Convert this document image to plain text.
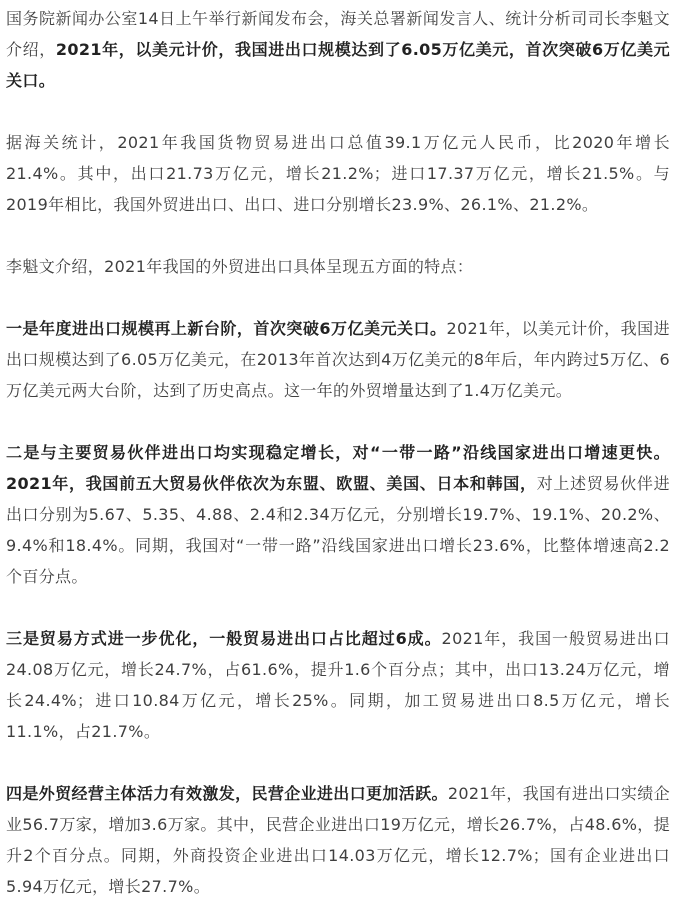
国务院新闻办公室14日上午举行新闻发布会，海关总署新闻发言人、统计分析司司长李魁文介绍，2021年，以美元计价，我国进出口规模达到了6.05万亿美元，首次突破6万亿美元关口。

据海关统计，2021年我国货物贸易进出口总值39.1万亿元人民币，比2020年增长21.4%。其中，出口21.73万亿元，增长21.2%；进口17.37万亿元，增长21.5%。与2019年相比，我国外贸进出口、出口、进口分别增长23.9%、26.1%、21.2%。

李魁文介绍，2021年我国的外贸进出口具体呈现五方面的特点：

一是年度进出口规模再上新台阶，首次突破6万亿美元关口。2021年，以美元计价，我国进出口规模达到了6.05万亿美元，在2013年首次达到4万亿美元的8年后，年内跨过5万亿、6万亿美元两大台阶，达到了历史高点。这一年的外贸增量达到了1.4万亿美元。

二是与主要贸易伙伴进出口均实现稳定增长，对“一带一路”沿线国家进出口增速更快。2021年，我国前五大贸易伙伴依次为东盟、欧盟、美国、日本和韩国，对上述贸易伙伴进出口分别为5.67、5.35、4.88、2.4和2.34万亿元，分别增长19.7%、19.1%、20.2%、9.4%和18.4%。同期，我国对“一带一路”沿线国家进出口增长23.6%，比整体增速高2.2个百分点。

三是贸易方式进一步优化，一般贸易进出口占比超过6成。2021年，我国一般贸易进出口24.08万亿元，增长24.7%，占61.6%，提升1.6个百分点；其中，出口13.24万亿元，增长24.4%；进口10.84万亿元，增长25%。同期，加工贸易进出口8.5万亿元，增长11.1%，占21.7%。

四是外贸经营主体活力有效激发，民营企业进出口更加活跃。2021年，我国有进出口实绩企业56.7万家，增加3.6万家。其中，民营企业进出口19万亿元，增长26.7%，占48.6%，提升2个百分点。同期，外商投资企业进出口14.03万亿元，增长12.7%；国有企业进出口5.94万亿元，增长27.7%。
